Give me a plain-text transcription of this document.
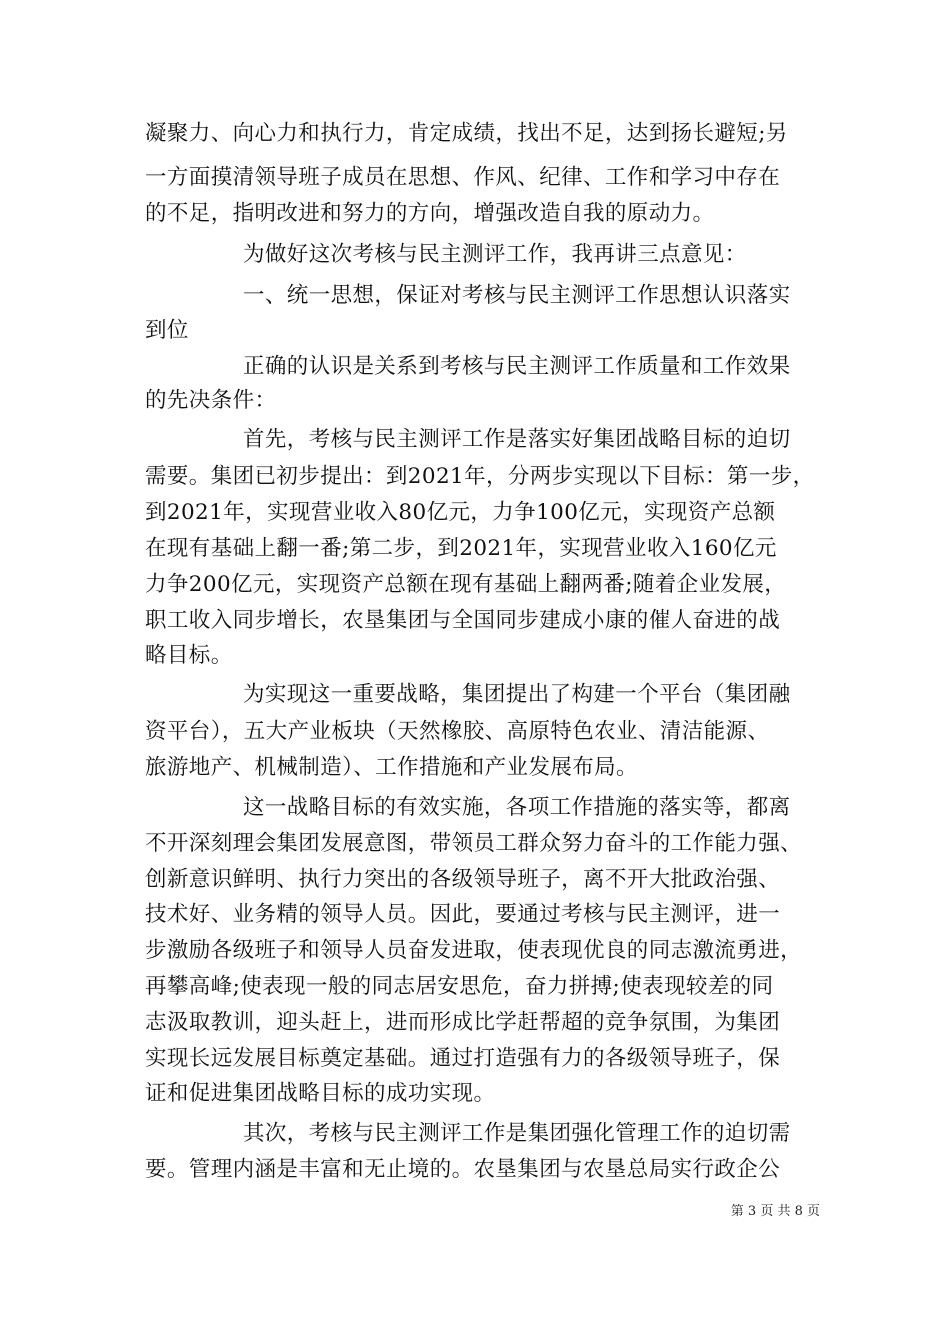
凝聚力、向心力和执行力，肯定成绩，找出不足，达到扬长避短;另
一方面摸清领导班子成员在思想、作风、纪律、工作和学习中存在
的不足，指明改进和努力的方向，增强改造自我的原动力。
为做好这次考核与民主测评工作，我再讲三点意见：
一、统一思想，保证对考核与民主测评工作思想认识落实
到位
正确的认识是关系到考核与民主测评工作质量和工作效果
的先决条件：
首先，考核与民主测评工作是落实好集团战略目标的迫切
需要。集团已初步提出：到2021年，分两步实现以下目标：第一步，
到2021年，实现营业收入80亿元，力争100亿元，实现资产总额
在现有基础上翻一番;第二步，到2021年，实现营业收入160亿元
力争200亿元，实现资产总额在现有基础上翻两番;随着企业发展，
职工收入同步增长，农垦集团与全国同步建成小康的催人奋进的战
略目标。
为实现这一重要战略，集团提出了构建一个平台（集团融
资平台），五大产业板块（天然橡胶、高原特色农业、清洁能源、
旅游地产、机械制造）、工作措施和产业发展布局。
这一战略目标的有效实施，各项工作措施的落实等，都离
不开深刻理会集团发展意图，带领员工群众努力奋斗的工作能力强、
创新意识鲜明、执行力突出的各级领导班子，离不开大批政治强、
技术好、业务精的领导人员。因此，要通过考核与民主测评，进一
步激励各级班子和领导人员奋发进取，使表现优良的同志激流勇进，
再攀高峰;使表现一般的同志居安思危，奋力拼搏;使表现较差的同
志汲取教训，迎头赶上，进而形成比学赶帮超的竞争氛围，为集团
实现长远发展目标奠定基础。通过打造强有力的各级领导班子，保
证和促进集团战略目标的成功实现。
其次，考核与民主测评工作是集团强化管理工作的迫切需
要。管理内涵是丰富和无止境的。农垦集团与农垦总局实行政企公
第 3 页 共 8 页
